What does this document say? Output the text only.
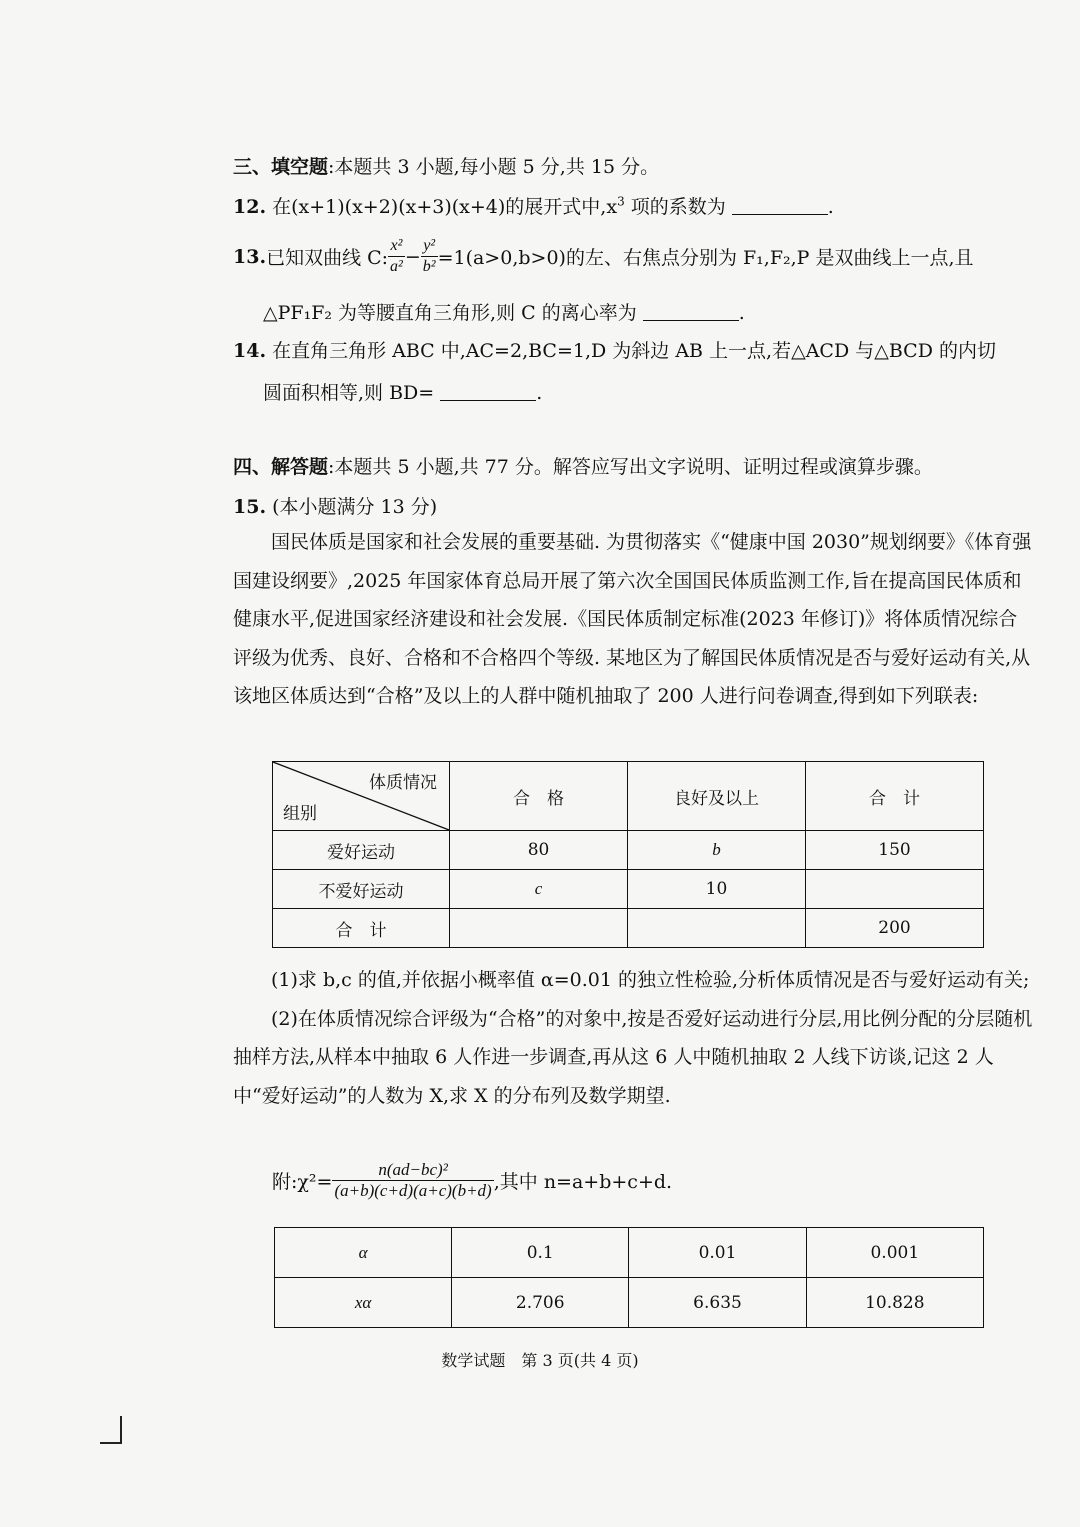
三、填空题:本题共 3 小题,每小题 5 分,共 15 分。
12. 在(x+1)(x+2)(x+3)(x+4)的展开式中$,x^3$ 项的系数为	.
13. 已知双曲线 C: $\frac{\text{x²}}{\text{a²}} - \frac{\text{y²}}{\text{b²}} =1(a>0,b>0)$的左、右焦点分别为 F₁,F₂,P 是双曲线上一点,且
△PF₁F₂ 为等腰直角三角形,则 C 的离心率为	.
14. 在直角三角形 ABC 中,AC=2,BC=1,D 为斜边 AB 上一点,若△ACD 与△BCD 的内切
圆面积相等,则 BD=	.
四、解答题:本题共 5 小题,共 77 分。解答应写出文字说明、证明过程或演算步骤。
15. (本小题满分 13 分)

国民体质是国家和社会发展的重要基础. 为贯彻落实《“健康中国 2030”规划纲要》《体育强国建设纲要》,2025 年国家体育总局开展了第六次全国国民体质监测工作,旨在提高国民体质和健康水平,促进国家经济建设和社会发展.《国民体质制定标准(2023 年修订)》将体质情况综合评级为优秀、良好、合格和不合格四个等级. 某地区为了解国民体质情况是否与爱好运动有关,从该地区体质达到“合格”及以上的人群中随机抽取了 200 人进行问卷调查,得到如下列联表:

体质情况
组别	合　格	良好及以上	合　计
爱好运动	80	b	150
不爱好运动	c	10	
合　计			200

(1)求 b,c 的值,并依据小概率值 α=0.01 的独立性检验,分析体质情况是否与爱好运动有关;

(2)在体质情况综合评级为“合格”的对象中,按是否爱好运动进行分层,用比例分配的分层随机抽样方法,从样本中抽取 6 人作进一步调查,再从这 6 人中随机抽取 2 人线下访谈,记这 2 人中“爱好运动”的人数为 X,求 X 的分布列及数学期望.

附:χ²= $\frac{\text{n(ad−bc)²}}{(a+b)(c+d)(a+c)(b+d)}$ ,其中 n=a+b+c+d.
α	0.1	0.01	0.001
xα	2.706	6.635	10.828
数学试题　第 3 页(共 4 页)
